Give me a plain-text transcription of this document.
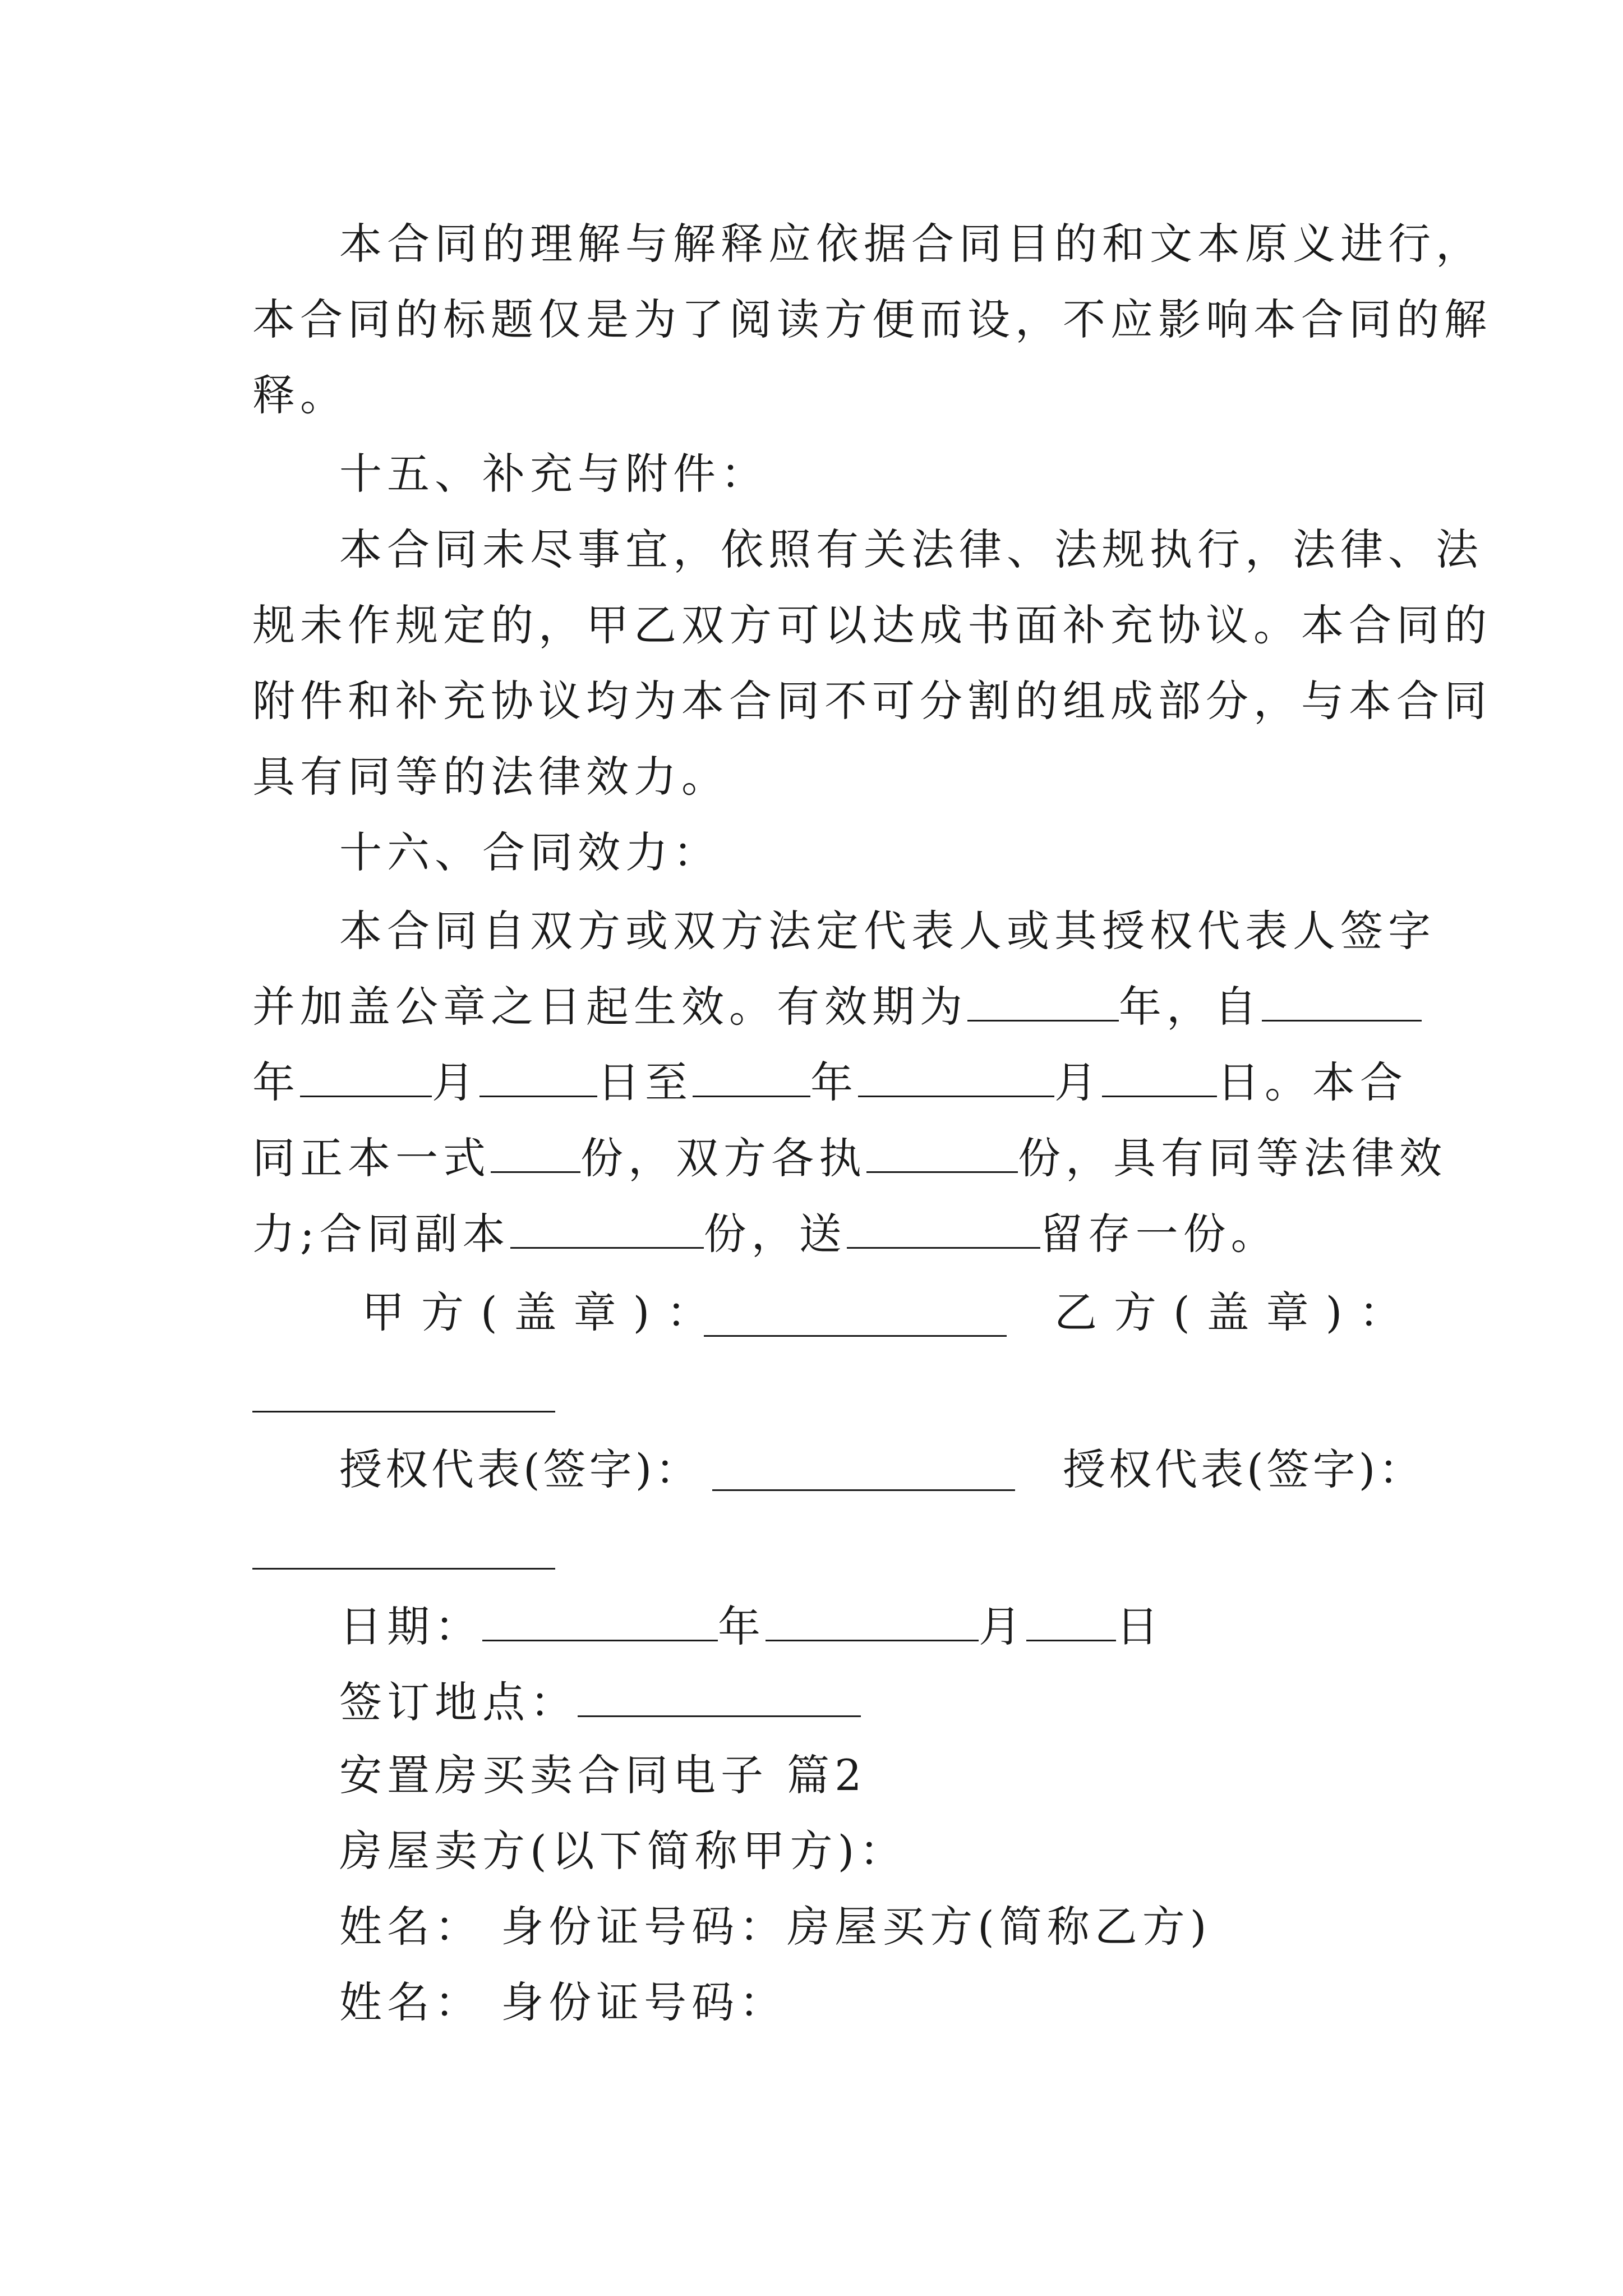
本合同的理解与解释应依据合同目的和文本原义进行，
本合同的标题仅是为了阅读方便而设，不应影响本合同的解
释。
十五、补充与附件：
本合同未尽事宜，依照有关法律、法规执行，法律、法
规未作规定的，甲乙双方可以达成书面补充协议。本合同的
附件和补充协议均为本合同不可分割的组成部分，与本合同
具有同等的法律效力。
十六、合同效力：
本合同自双方或双方法定代表人或其授权代表人签字
并加盖公章之日起生效。有效期为	年，自
年	月	日至	年	月	日。本合
同正本一式 份，双方各执	份，具有同等法律效
力;合同副本	份，送	留存一份。
甲方(盖章)：	乙方(盖章)：
授权代表(签字)：	授权代表(签字)：
日期：	年	月 日
签订地点：
安置房买卖合同电子 篇2
房屋卖方(以下简称甲方)：
姓名： 身份证号码：房屋买方(简称乙方)
姓名： 身份证号码：
